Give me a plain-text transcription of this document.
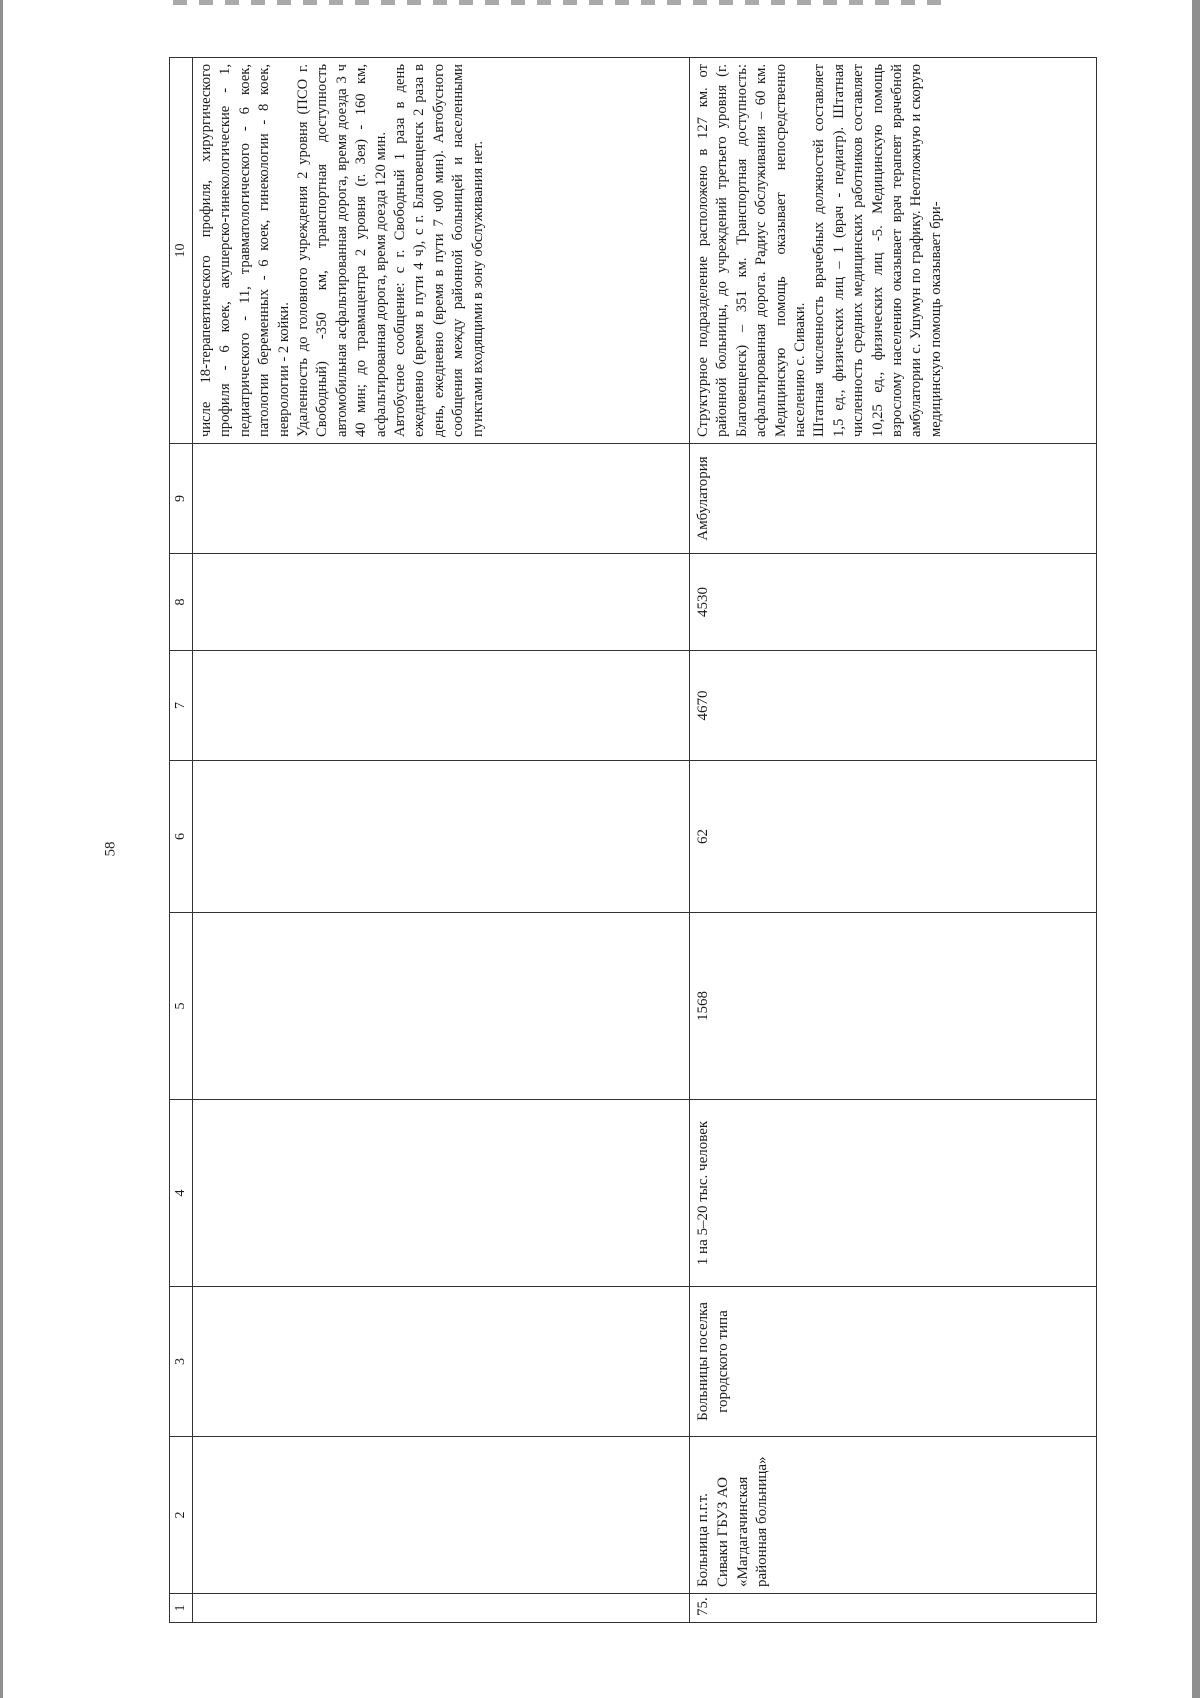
58
1	2	3	4	5	6	7	8	9	10

									числе 18-терапевтического профиля, хирургического профиля - 6 коек, акушерско-гинекологические - 1, педиатрического - 11, травматологического - 6 коек, патологии беременных - 6 коек, гинекологии - 8 коек, неврологии - 2 койки. Удаленность до головного учреждения 2 уровня (ПСО г. Свободный) -350 км, транспортная доступность автомобильная асфальтированная дорога, время доезда 3 ч 40 мин; до травмацентра 2 уровня (г. Зея) - 160 км, асфальтированная дорога, время доезда 120 мин. Автобусное сообщение: с г. Свободный 1 раза в день ежедневно (время в пути 4 ч), с г. Благовещенск 2 раза в день, ежедневно (время в пути 7 ч00 мин). Автобусного сообщения между районной больницей и населенными пунктами входящими в зону обслуживания нет.

75.	Больница п.г.т. Сиваки ГБУЗ АО «Магдагачинская районная больница»	Больницы поселка городского типа	1 на 5–20 тыс. человек	1568	62	4670	4530	Амбулатория	Структурное подразделение расположено в 127 км. от районной больницы, до учреждений третьего уровня (г. Благовещенск) – 351 км. Транспортная доступность: асфальтированная дорога. Радиус обслуживания – 60 км. Медицинскую помощь оказывает непосредственно населению с. Сиваки. Штатная численность врачебных должностей составляет 1,5 ед., физических лиц – 1 (врач - педиатр). Штатная численность средних медицинских работников составляет 10,25 ед., физических лиц -5. Медицинскую помощь взрослому населению оказывает врач терапевт врачебной амбулатории с. Ушумун по графику. Неотложную и скорую медицинскую помощь оказывает бри-
